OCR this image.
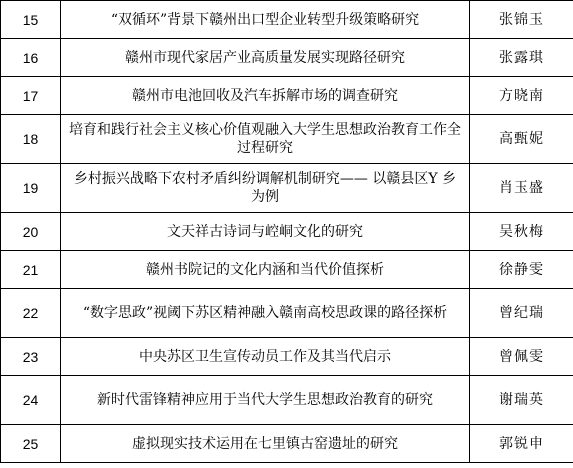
15	“双循环”背景下赣州出口型企业转型升级策略研究	张锦玉
16	赣州市现代家居产业高质量发展实现路径研究	张露琪
17	赣州市电池回收及汽车拆解市场的调查研究	方晓南
18	培育和践行社会主义核心价值观融入大学生思想政治教育工作全过程研究	高甄妮
19	乡村振兴战略下农村矛盾纠纷调解机制研究—— 以赣县区Y 乡为例	肖玉盛
20	文天祥古诗词与崆峒文化的研究	吴秋梅
21	赣州书院记的文化内涵和当代价值探析	徐静雯
22	“数字思政”视阈下苏区精神融入赣南高校思政课的路径探析	曾纪瑞
23	中央苏区卫生宣传动员工作及其当代启示	曾佩雯
24	新时代雷锋精神应用于当代大学生思想政治教育的研究	谢瑞英
25	虚拟现实技术运用在七里镇古窑遗址的研究	郭锐申
